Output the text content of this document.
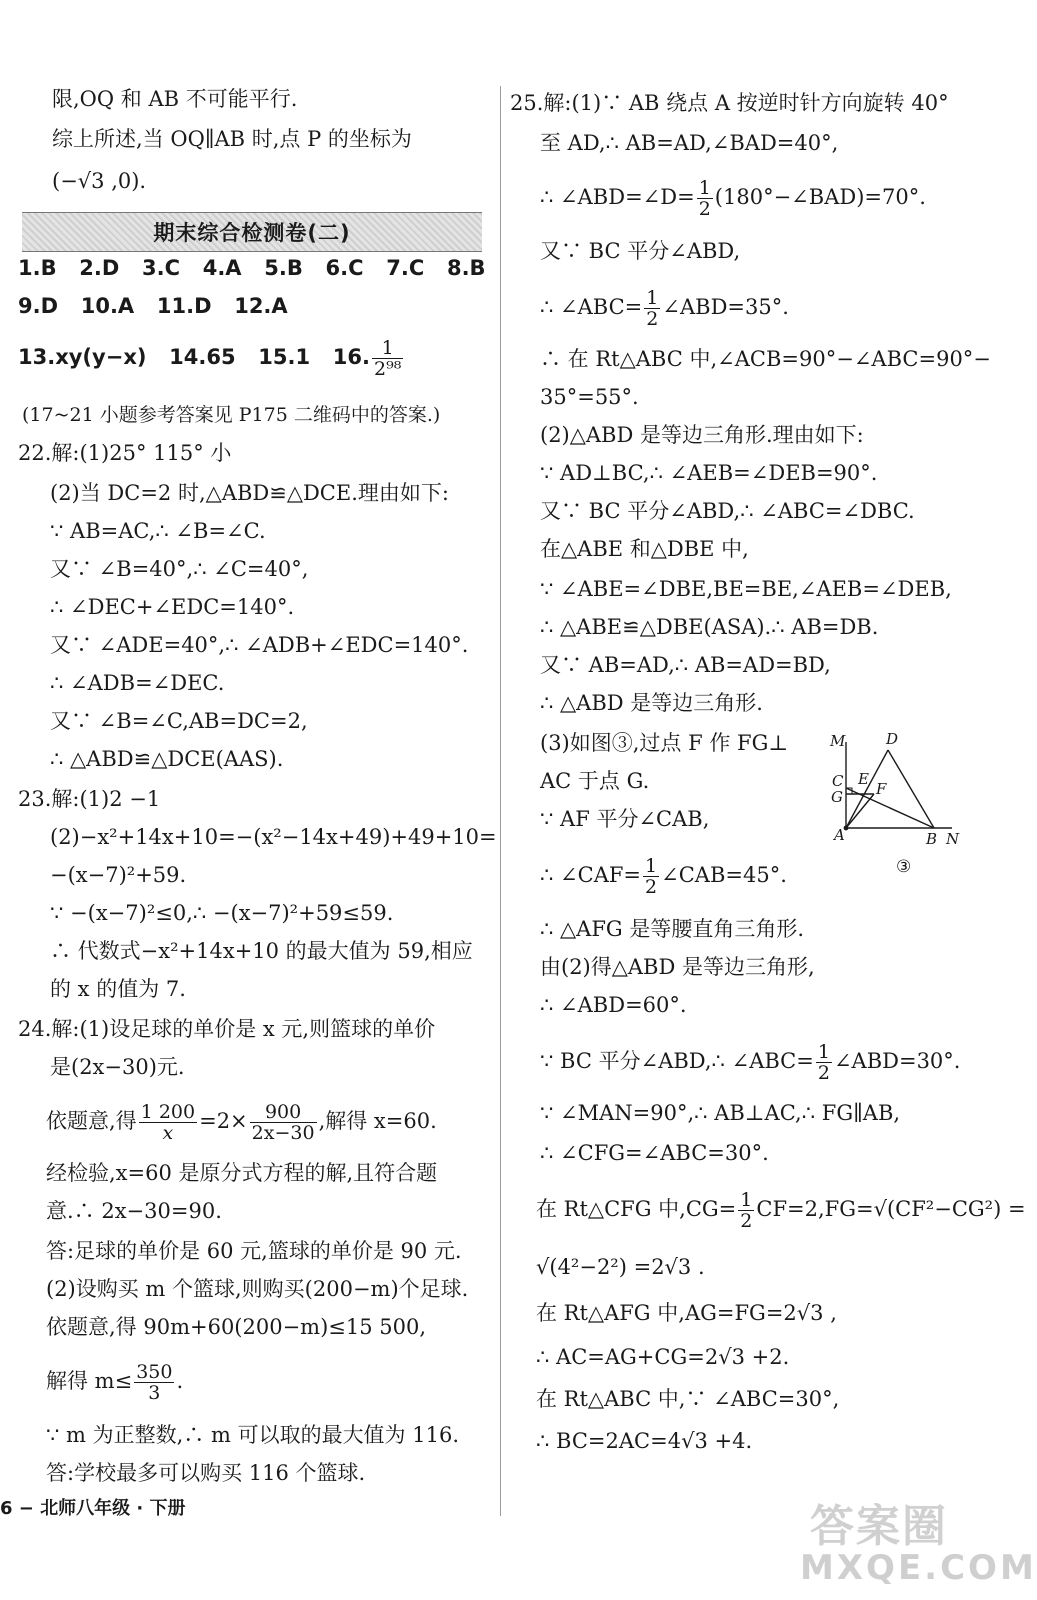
限,OQ 和 AB 不可能平行.
综上所述,当 OQ∥AB 时,点 P 的坐标为
(−√3 ,0).
期末综合检测卷(二)
1.B 2.D 3.C 4.A 5.B 6.C 7.C 8.B
9.D 10.A 11.D 12.A
13.xy(y−x) 14.65 15.1 16. $\frac{1}{\text{2⁹⁸}}$
(17~21 小题参考答案见 P175 二维码中的答案.)
22.解:(1)25° 115° 小
(2)当 DC=2 时,△ABD≌△DCE.理由如下:
∵ AB=AC,∴ ∠B=∠C.
又∵ ∠B=40°,∴ ∠C=40°,
∴ ∠DEC+∠EDC=140°.
又∵ ∠ADE=40°,∴ ∠ADB+∠EDC=140°.
∴ ∠ADB=∠DEC.
又∵ ∠B=∠C,AB=DC=2,
∴ △ABD≌△DCE(AAS).
23.解:(1)2 −1
(2)−x²+14x+10=−(x²−14x+49)+49+10=
−(x−7)²+59.
∵ −(x−7)²≤0,∴ −(x−7)²+59≤59.
∴ 代数式−x²+14x+10 的最大值为 59,相应
的 x 的值为 7.
24.解:(1)设足球的单价是 x 元,则篮球的单价
是(2x−30)元.
依题意,得 $\frac{1 200}{x} =2\times \frac{900}{2x-30}$ ,解得 x=60.
经检验,x=60 是原分式方程的解,且符合题
意.∴ 2x−30=90.
答:足球的单价是 60 元,篮球的单价是 90 元.
(2)设购买 m 个篮球,则购买(200−m)个足球.
依题意,得 90m+60(200−m)≤15 500,
解得 $m\le \frac{350}{3}$ .
∵ m 为正整数,∴ m 可以取的最大值为 116.
答:学校最多可以购买 116 个篮球.
25.解:(1)∵ AB 绕点 A 按逆时针方向旋转 40°
至 AD,∴ AB=AD,∠BAD=40°,
∴ ∠ABD=∠D= $\frac{1}{2}$ (180°−∠BAD)=70°.
又∵ BC 平分∠ABD,
∴ ∠ABC= $\frac{1}{2}$ ∠ABD=35°.
∴ 在 Rt△ABC 中,∠ACB=90°−∠ABC=90°−
35°=55°.
(2)△ABD 是等边三角形.理由如下:
∵ AD⊥BC,∴ ∠AEB=∠DEB=90°.
又∵ BC 平分∠ABD,∴ ∠ABC=∠DBC.
在△ABE 和△DBE 中,
∵ ∠ABE=∠DBE,BE=BE,∠AEB=∠DEB,
∴ △ABE≌△DBE(ASA).∴ AB=DB.
又∵ AB=AD,∴ AB=AD=BD,
∴ △ABD 是等边三角形.
(3)如图③,过点 F 作 FG⊥
AC 于点 G.
∵ AF 平分∠CAB,
∴ ∠CAF= $\frac{1}{2}$ ∠CAB=45°.
∴ △AFG 是等腰直角三角形.
由(2)得△ABD 是等边三角形,
∴ ∠ABD=60°.
∵ BC 平分∠ABD,∴ ∠ABC= $\frac{1}{2}$ ∠ABD=30°.
∵ ∠MAN=90°,∴ AB⊥AC,∴ FG∥AB,
∴ ∠CFG=∠ABC=30°.
在 Rt△CFG 中$,CG= \frac{1}{2} CF=2,FG=√(CF^2-CG^2)$ =
√(4²−2²) =2√3 .
在 Rt△AFG 中,AG=FG=2√3 ,
∴ AC=AG+CG=2√3 +2.
在 Rt△ABC 中,∵ ∠ABC=30°,
∴ BC=2AC=4√3 +4.
M	D
C E
G F
A	B N
③
6 − 北师八年级 · 下册	答案圈
MXQE.COM
